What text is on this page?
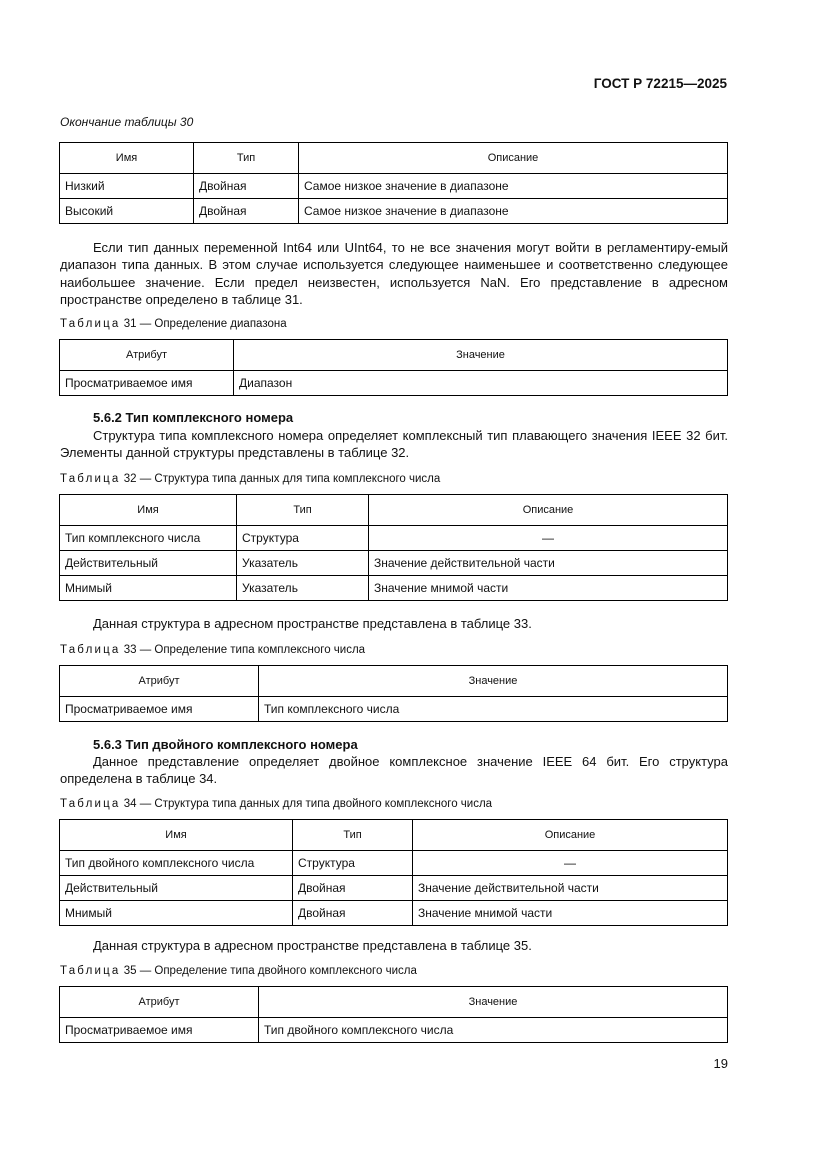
ГОСТ Р 72215—2025
Окончание таблицы 30
Имя	Тип	Описание
Низкий	Двойная	Самое низкое значение в диапазоне
Высокий	Двойная	Самое низкое значение в диапазоне
Если тип данных переменной Int64 или UInt64, то не все значения могут войти в регламентиру-емый диапазон типа данных. В этом случае используется следующее наименьшее и соответственно следующее наибольшее значение. Если предел неизвестен, используется NaN. Его представление в адресном пространстве определено в таблице 31.
Таблица 31 — Определение диапазона
Атрибут	Значение
Просматриваемое имя	Диапазон
5.6.2 Тип комплексного номера
Структура типа комплексного номера определяет комплексный тип плавающего значения IEEE 32 бит. Элементы данной структуры представлены в таблице 32.
Таблица 32 — Структура типа данных для типа комплексного числа
Имя	Тип	Описание
Тип комплексного числа	Структура	—
Действительный	Указатель	Значение действительной части
Мнимый	Указатель	Значение мнимой части
Данная структура в адресном пространстве представлена в таблице 33.
Таблица 33 — Определение типа комплексного числа
Атрибут	Значение
Просматриваемое имя	Тип комплексного числа
5.6.3 Тип двойного комплексного номера
Данное представление определяет двойное комплексное значение IEEE 64 бит. Его структура определена в таблице 34.
Таблица 34 — Структура типа данных для типа двойного комплексного числа
Имя	Тип	Описание
Тип двойного комплексного числа	Структура	—
Действительный	Двойная	Значение действительной части
Мнимый	Двойная	Значение мнимой части
Данная структура в адресном пространстве представлена в таблице 35.
Таблица 35 — Определение типа двойного комплексного числа
Атрибут	Значение
Просматриваемое имя	Тип двойного комплексного числа
19
